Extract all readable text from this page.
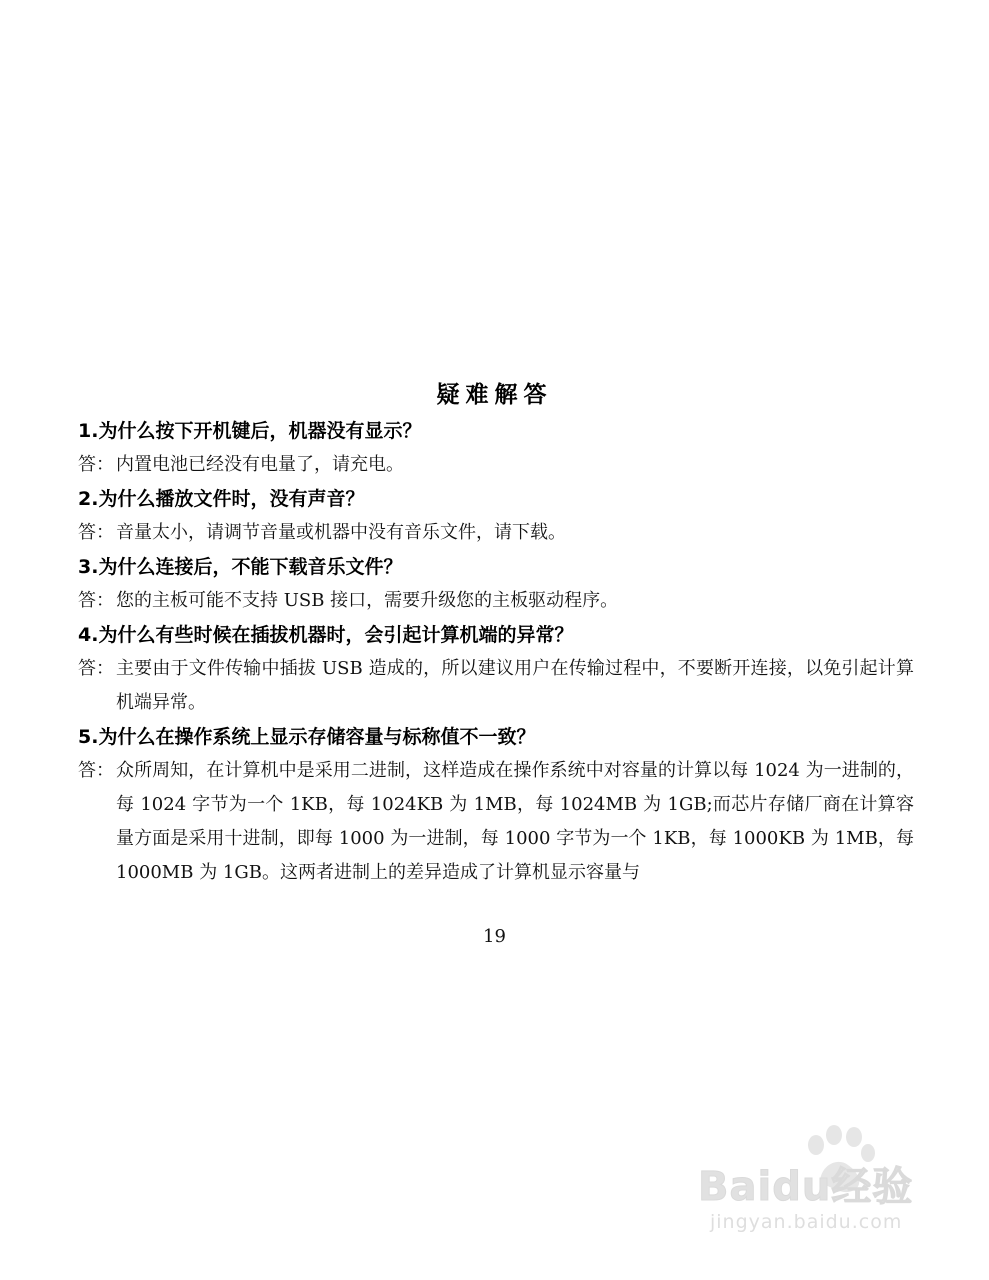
疑难解答
1.为什么按下开机键后，机器没有显示？
答： 内置电池已经没有电量了，请充电。
2.为什么播放文件时，没有声音？
答： 音量太小，请调节音量或机器中没有音乐文件，请下载。
3.为什么连接后，不能下载音乐文件？
答： 您的主板可能不支持 USB 接口，需要升级您的主板驱动程序。
4.为什么有些时候在插拔机器时，会引起计算机端的异常？
答： 主要由于文件传输中插拔 USB 造成的，所以建议用户在传输过程中，不要断开连接，以免引起计算机端异常。
5.为什么在操作系统上显示存储容量与标称值不一致？
答： 众所周知，在计算机中是采用二进制，这样造成在操作系统中对容量的计算以每 1024 为一进制的，每 1024 字节为一个 1KB，每 1024KB 为 1MB，每 1024MB 为 1GB;而芯片存储厂商在计算容量方面是采用十进制，即每 1000 为一进制，每 1000 字节为一个 1KB，每 1000KB 为 1MB，每 1000MB 为 1GB。这两者进制上的差异造成了计算机显示容量与
19
Baidu经验
jingyan.baidu.com
